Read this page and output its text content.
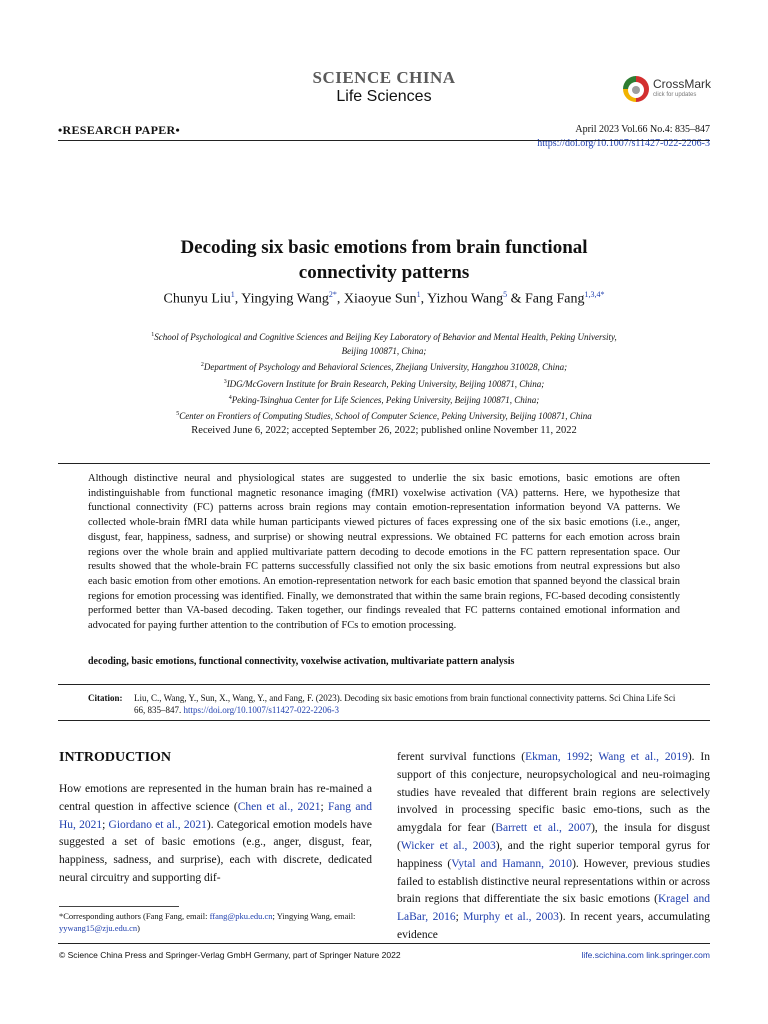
SCIENCE CHINA
Life Sciences
CrossMark
click for updates
•RESEARCH PAPER•	April 2023 Vol.66 No.4: 835–847
https://doi.org/10.1007/s11427-022-2206-3
Decoding six basic emotions from brain functional
connectivity patterns
Chunyu Liu$^1$, Yingying Wang$^{2*}$, Xiaoyue Sun$^1$, Yizhou Wang$^5$ & Fang Fang$^{1,3,4*}$
$^1$School of Psychological and Cognitive Sciences and Beijing Key Laboratory of Behavior and Mental Health, Peking University,
Beijing 100871, China;
$^2$Department of Psychology and Behavioral Sciences, Zhejiang University, Hangzhou 310028, China;
$^3$IDG/McGovern Institute for Brain Research, Peking University, Beijing 100871, China;
$^4$Peking-Tsinghua Center for Life Sciences, Peking University, Beijing 100871, China;
$^5$Center on Frontiers of Computing Studies, School of Computer Science, Peking University, Beijing 100871, China
Received June 6, 2022; accepted September 26, 2022; published online November 11, 2022
Although distinctive neural and physiological states are suggested to underlie the six basic emotions, basic emotions are often indistinguishable from functional magnetic resonance imaging (fMRI) voxelwise activation (VA) patterns. Here, we hypothesize that functional connectivity (FC) patterns across brain regions may contain emotion-representation information beyond VA patterns. We collected whole-brain fMRI data while human participants viewed pictures of faces expressing one of the six basic emotions (i.e., anger, disgust, fear, happiness, sadness, and surprise) or showing neutral expressions. We obtained FC patterns for each emotion across brain regions over the whole brain and applied multivariate pattern decoding to decode emotions in the FC pattern representation space. Our results showed that the whole-brain FC patterns successfully classified not only the six basic emotions from neutral expressions but also each basic emotion from other emotions. An emotion-representation network for each basic emotion that spanned beyond the classical brain regions for emotion processing was identified. Finally, we demonstrated that within the same brain regions, FC-based decoding consistently performed better than VA-based decoding. Taken together, our findings revealed that FC patterns contained emotional information and advocated for paying further attention to the contribution of FCs to emotion processing.
decoding, basic emotions, functional connectivity, voxelwise activation, multivariate pattern analysis
Citation:	Liu, C., Wang, Y., Sun, X., Wang, Y., and Fang, F. (2023). Decoding six basic emotions from brain functional connectivity patterns. Sci China Life Sci 66, 835–847. https://doi.org/10.1007/s11427-022-2206-3
INTRODUCTION
How emotions are represented in the human brain has re-mained a central question in affective science (Chen et al., 2021; Fang and Hu, 2021; Giordano et al., 2021). Categorical emotion models have suggested a set of basic emotions (e.g., anger, disgust, fear, happiness, sadness, and surprise), each with discrete, dedicated neural circuitry and supporting dif-
ferent survival functions (Ekman, 1992; Wang et al., 2019). In support of this conjecture, neuropsychological and neu-roimaging studies have revealed that different brain regions are selectively involved in processing specific basic emo-tions, such as the amygdala for fear (Barrett et al., 2007), the insula for disgust (Wicker et al., 2003), and the right superior temporal gyrus for happiness (Vytal and Hamann, 2010). However, previous studies failed to establish distinctive neural representations within or across brain regions that differentiate the six basic emotions (Kragel and LaBar, 2016; Murphy et al., 2003). In recent years, accumulating evidence
*Corresponding authors (Fang Fang, email: ffang@pku.edu.cn; Yingying Wang, email: yywang15@zju.edu.cn)
© Science China Press and Springer-Verlag GmbH Germany, part of Springer Nature 2022	life.scichina.com link.springer.com
